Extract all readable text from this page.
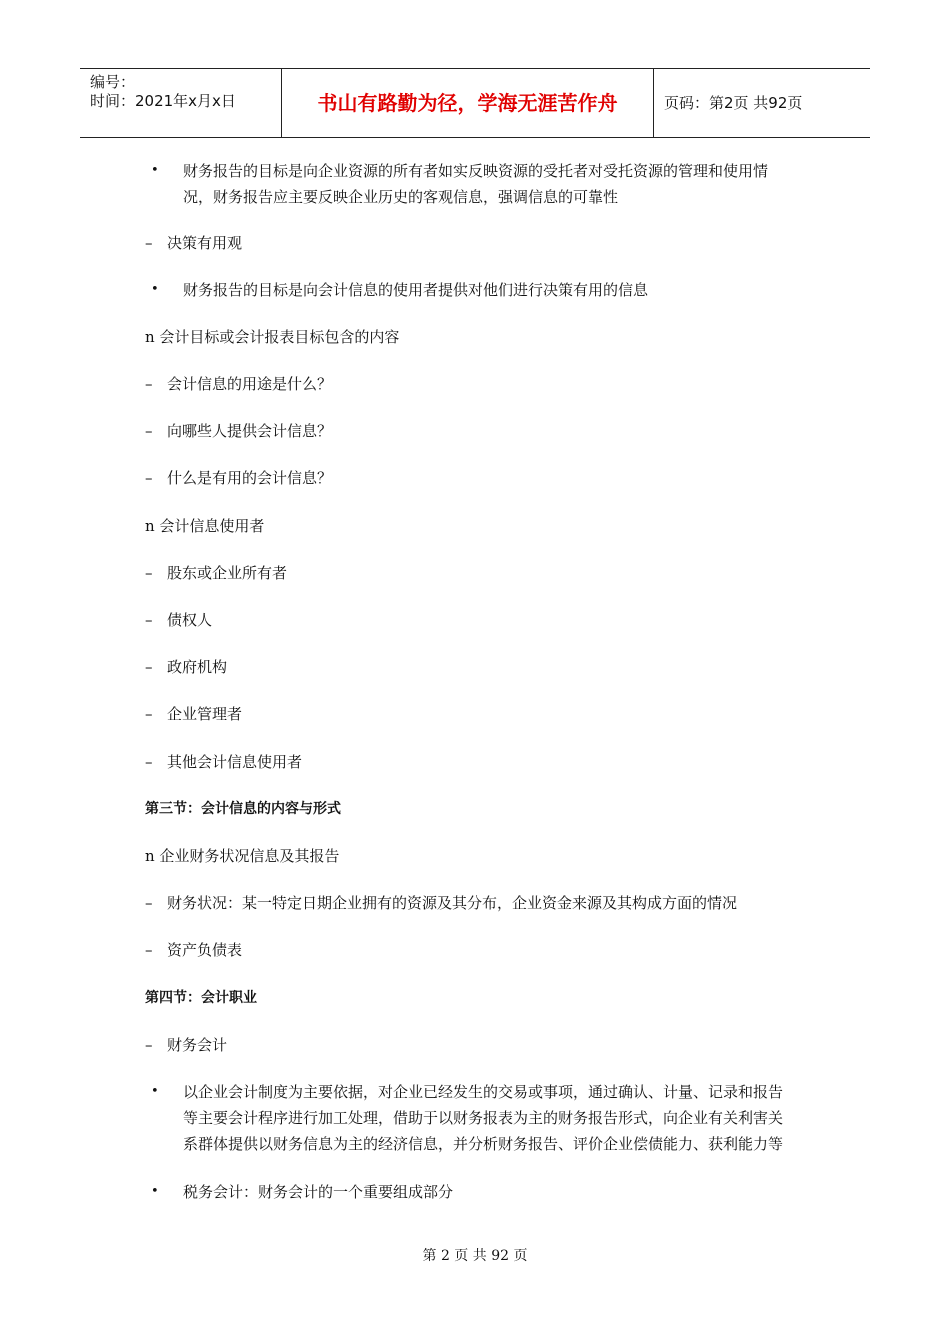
编号：
时间：2021年x月x日	书山有路勤为径，学海无涯苦作舟	页码：第2页 共92页
• 财务报告的目标是向企业资源的所有者如实反映资源的受托者对受托资源的管理和使用情况，财务报告应主要反映企业历史的客观信息，强调信息的可靠性
– 决策有用观
• 财务报告的目标是向会计信息的使用者提供对他们进行决策有用的信息
n 会计目标或会计报表目标包含的内容
– 会计信息的用途是什么？
– 向哪些人提供会计信息？
– 什么是有用的会计信息？
n 会计信息使用者
– 股东或企业所有者
– 债权人
– 政府机构
– 企业管理者
– 其他会计信息使用者
第三节：会计信息的内容与形式
n 企业财务状况信息及其报告
– 财务状况：某一特定日期企业拥有的资源及其分布，企业资金来源及其构成方面的情况
– 资产负债表
第四节：会计职业
– 财务会计
• 以企业会计制度为主要依据，对企业已经发生的交易或事项，通过确认、计量、记录和报告等主要会计程序进行加工处理，借助于以财务报表为主的财务报告形式，向企业有关利害关系群体提供以财务信息为主的经济信息，并分析财务报告、评价企业偿债能力、获利能力等
• 税务会计：财务会计的一个重要组成部分
第 2 页 共 92 页
